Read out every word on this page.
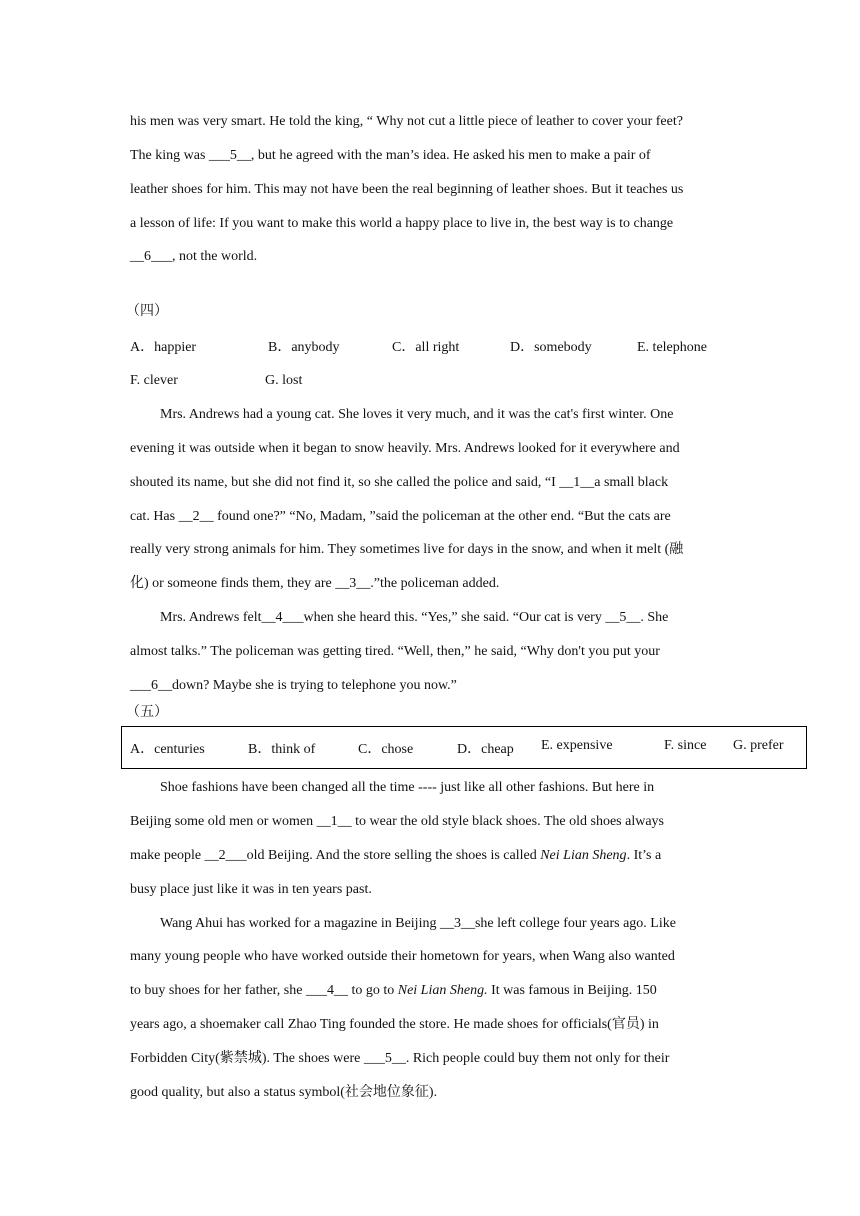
his men was very smart. He told the king, “ Why not cut a little piece of leather to cover your feet?
The king was ___5__, but he agreed with the man’s idea. He asked his men to make a pair of
leather shoes for him. This may not have been the real beginning of leather shoes. But it teaches us
a lesson of life: If you want to make this world a happy place to live in, the best way is to change
__6___, not the world.
（四）
A．happier	B．anybody	C．all right	D．somebody	E. telephone
F. clever	G. lost
Mrs. Andrews had a young cat. She loves it very much, and it was the cat's first winter. One
evening it was outside when it began to snow heavily. Mrs. Andrews looked for it everywhere and
shouted its name, but she did not find it, so she called the police and said, “I __1__a small black
cat. Has __2__ found one?” “No, Madam, ”said the policeman at the other end. “But the cats are
really very strong animals for him. They sometimes live for days in the snow, and when it melt (融
化) or someone finds them, they are __3__.”the policeman added.
Mrs. Andrews felt__4___when she heard this. “Yes,” she said. “Our cat is very __5__. She
almost talks.” The policeman was getting tired. “Well, then,” he said, “Why don't you put your
___6__down? Maybe she is trying to telephone you now.”
（五）
A．centuries	B．think of	C．chose	D．cheap E. expensive	F. since G. prefer
Shoe fashions have been changed all the time ---- just like all other fashions. But here in
Beijing some old men or women __1__ to wear the old style black shoes. The old shoes always
make people __2___old Beijing. And the store selling the shoes is called Nei Lian Sheng. It’s a
busy place just like it was in ten years past.
Wang Ahui has worked for a magazine in Beijing __3__she left college four years ago. Like
many young people who have worked outside their hometown for years, when Wang also wanted
to buy shoes for her father, she ___4__ to go to Nei Lian Sheng. It was famous in Beijing. 150
years ago, a shoemaker call Zhao Ting founded the store. He made shoes for officials(官员) in
Forbidden City(紫禁城). The shoes were ___5__. Rich people could buy them not only for their
good quality, but also a status symbol(社会地位象征).
